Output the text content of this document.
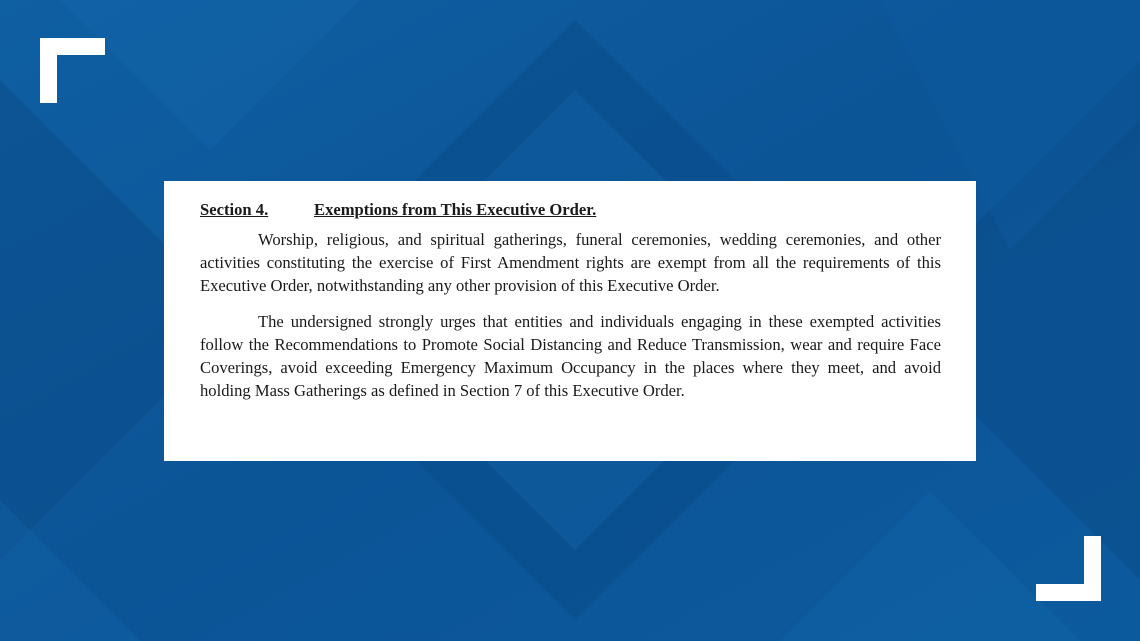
Section 4.	Exemptions from This Executive Order.

Worship, religious, and spiritual gatherings, funeral ceremonies, wedding ceremonies, and other activities constituting the exercise of First Amendment rights are exempt from all the requirements of this Executive Order, notwithstanding any other provision of this Executive Order.

The undersigned strongly urges that entities and individuals engaging in these exempted activities follow the Recommendations to Promote Social Distancing and Reduce Transmission, wear and require Face Coverings, avoid exceeding Emergency Maximum Occupancy in the places where they meet, and avoid holding Mass Gatherings as defined in Section 7 of this Executive Order.
